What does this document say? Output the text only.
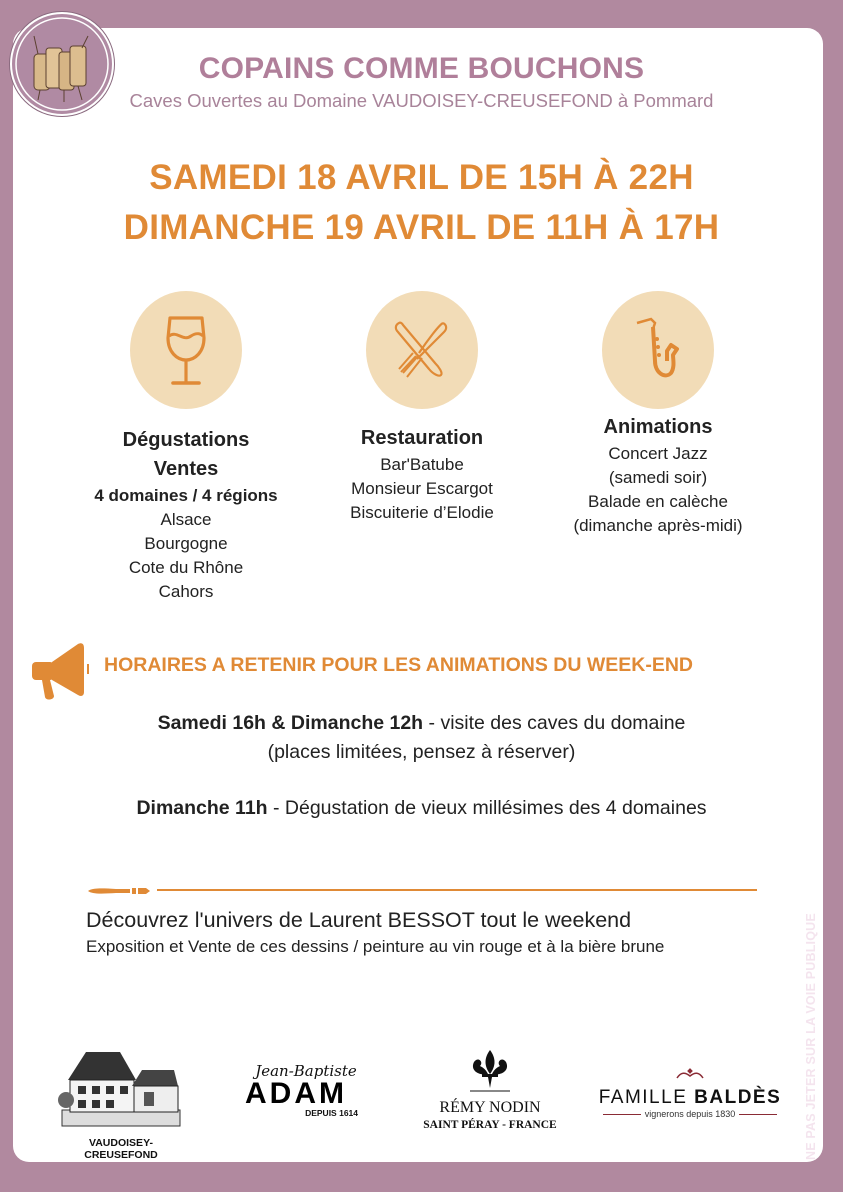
COPAINS COMME BOUCHONS
Caves Ouvertes au Domaine VAUDOISEY-CREUSEFOND à Pommard
SAMEDI 18 AVRIL DE 15H À 22H
DIMANCHE 19 AVRIL DE 11H À 17H
Dégustations
Ventes
4 domaines / 4 régions
Alsace
Bourgogne
Cote du Rhône
Cahors
Restauration
Bar'Batube
Monsieur Escargot
Biscuiterie d’Elodie
Animations
Concert Jazz
(samedi soir)
Balade en calèche
(dimanche après-midi)
HORAIRES A RETENIR POUR LES ANIMATIONS DU WEEK-END
Samedi 16h & Dimanche 12h - visite des caves du domaine
(places limitées, pensez à réserver)
Dimanche 11h - Dégustation de vieux millésimes des 4 domaines
Découvrez l'univers de Laurent BESSOT tout le weekend
Exposition et Vente de ces dessins / peinture au vin rouge et à la bière brune
VAUDOISEY-CREUSEFOND
Jean-Baptiste
ADAM
DEPUIS 1614	RÉMY NODIN
SAINT PÉRAY - FRANCE
FAMILLE BALDÈS
vignerons depuis 1830	NE PAS JETER SUR LA VOIE PUBLIQUE
